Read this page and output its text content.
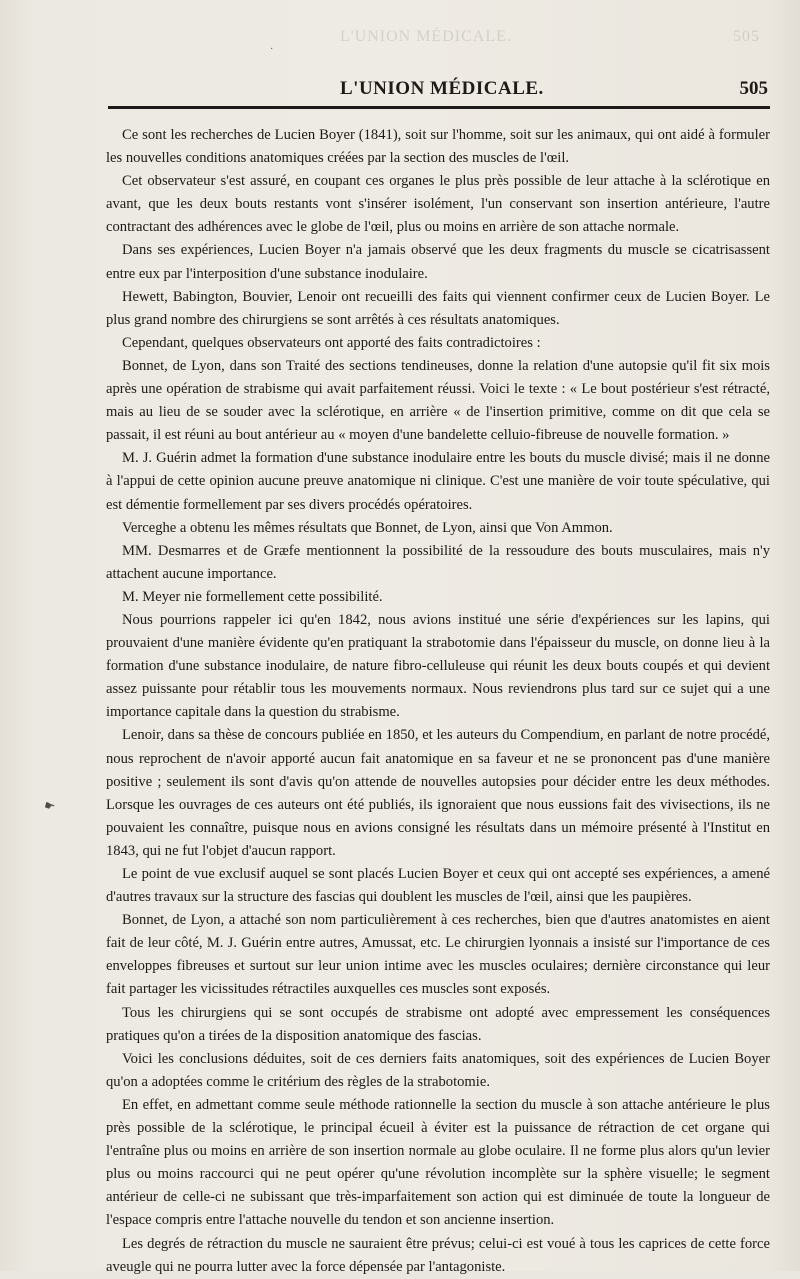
L'UNION MÉDICALE.	505
·
L'UNION MÉDICALE.	505
☛

Ce sont les recherches de Lucien Boyer (1841), soit sur l'homme, soit sur les animaux, qui ont aidé à formuler les nouvelles conditions anatomiques créées par la section des muscles de l'œil.

Cet observateur s'est assuré, en coupant ces organes le plus près possible de leur attache à la sclérotique en avant, que les deux bouts restants vont s'insérer isolément, l'un conservant son insertion antérieure, l'autre contractant des adhérences avec le globe de l'œil, plus ou moins en arrière de son attache normale.

Dans ses expériences, Lucien Boyer n'a jamais observé que les deux fragments du muscle se cicatrisassent entre eux par l'interposition d'une substance inodulaire.

Hewett, Babington, Bouvier, Lenoir ont recueilli des faits qui viennent confirmer ceux de Lucien Boyer. Le plus grand nombre des chirurgiens se sont arrêtés à ces résultats anatomiques.

Cependant, quelques observateurs ont apporté des faits contradictoires :

Bonnet, de Lyon, dans son Traité des sections tendineuses, donne la relation d'une autopsie qu'il fit six mois après une opération de strabisme qui avait parfaitement réussi. Voici le texte : « Le bout postérieur s'est rétracté, mais au lieu de se souder avec la sclérotique, en arrière « de l'insertion primitive, comme on dit que cela se passait, il est réuni au bout antérieur au « moyen d'une bandelette celluio-fibreuse de nouvelle formation. »

M. J. Guérin admet la formation d'une substance inodulaire entre les bouts du muscle divisé; mais il ne donne à l'appui de cette opinion aucune preuve anatomique ni clinique. C'est une manière de voir toute spéculative, qui est démentie formellement par ses divers procédés opératoires.

Verceghe a obtenu les mêmes résultats que Bonnet, de Lyon, ainsi que Von Ammon.

MM. Desmarres et de Græfe mentionnent la possibilité de la ressoudure des bouts musculaires, mais n'y attachent aucune importance.

M. Meyer nie formellement cette possibilité.

Nous pourrions rappeler ici qu'en 1842, nous avions institué une série d'expériences sur les lapins, qui prouvaient d'une manière évidente qu'en pratiquant la strabotomie dans l'épaisseur du muscle, on donne lieu à la formation d'une substance inodulaire, de nature fibro-celluleuse qui réunit les deux bouts coupés et qui devient assez puissante pour rétablir tous les mouvements normaux. Nous reviendrons plus tard sur ce sujet qui a une importance capitale dans la question du strabisme.

Lenoir, dans sa thèse de concours publiée en 1850, et les auteurs du Compendium, en parlant de notre procédé, nous reprochent de n'avoir apporté aucun fait anatomique en sa faveur et ne se prononcent pas d'une manière positive ; seulement ils sont d'avis qu'on attende de nouvelles autopsies pour décider entre les deux méthodes. Lorsque les ouvrages de ces auteurs ont été publiés, ils ignoraient que nous eussions fait des vivisections, ils ne pouvaient les connaître, puisque nous en avions consigné les résultats dans un mémoire présenté à l'Institut en 1843, qui ne fut l'objet d'aucun rapport.

Le point de vue exclusif auquel se sont placés Lucien Boyer et ceux qui ont accepté ses expériences, a amené d'autres travaux sur la structure des fascias qui doublent les muscles de l'œil, ainsi que les paupières.

Bonnet, de Lyon, a attaché son nom particulièrement à ces recherches, bien que d'autres anatomistes en aient fait de leur côté, M. J. Guérin entre autres, Amussat, etc. Le chirurgien lyonnais a insisté sur l'importance de ces enveloppes fibreuses et surtout sur leur union intime avec les muscles oculaires; dernière circonstance qui leur fait partager les vicissitudes rétractiles auxquelles ces muscles sont exposés.

Tous les chirurgiens qui se sont occupés de strabisme ont adopté avec empressement les conséquences pratiques qu'on a tirées de la disposition anatomique des fascias.

Voici les conclusions déduites, soit de ces derniers faits anatomiques, soit des expériences de Lucien Boyer qu'on a adoptées comme le critérium des règles de la strabotomie.

En effet, en admettant comme seule méthode rationnelle la section du muscle à son attache antérieure le plus près possible de la sclérotique, le principal écueil à éviter est la puissance de rétraction de cet organe qui l'entraîne plus ou moins en arrière de son insertion normale au globe oculaire. Il ne forme plus alors qu'un levier plus ou moins raccourci qui ne peut opérer qu'une révolution incomplète sur la sphère visuelle; le segment antérieur de celle-ci ne subissant que très-imparfaitement son action qui est diminuée de toute la longueur de l'espace compris entre l'attache nouvelle du tendon et son ancienne insertion.

Les degrés de rétraction du muscle ne sauraient être prévus; celui-ci est voué à tous les caprices de cette force aveugle qui ne pourra lutter avec la force dépensée par l'antagoniste.
